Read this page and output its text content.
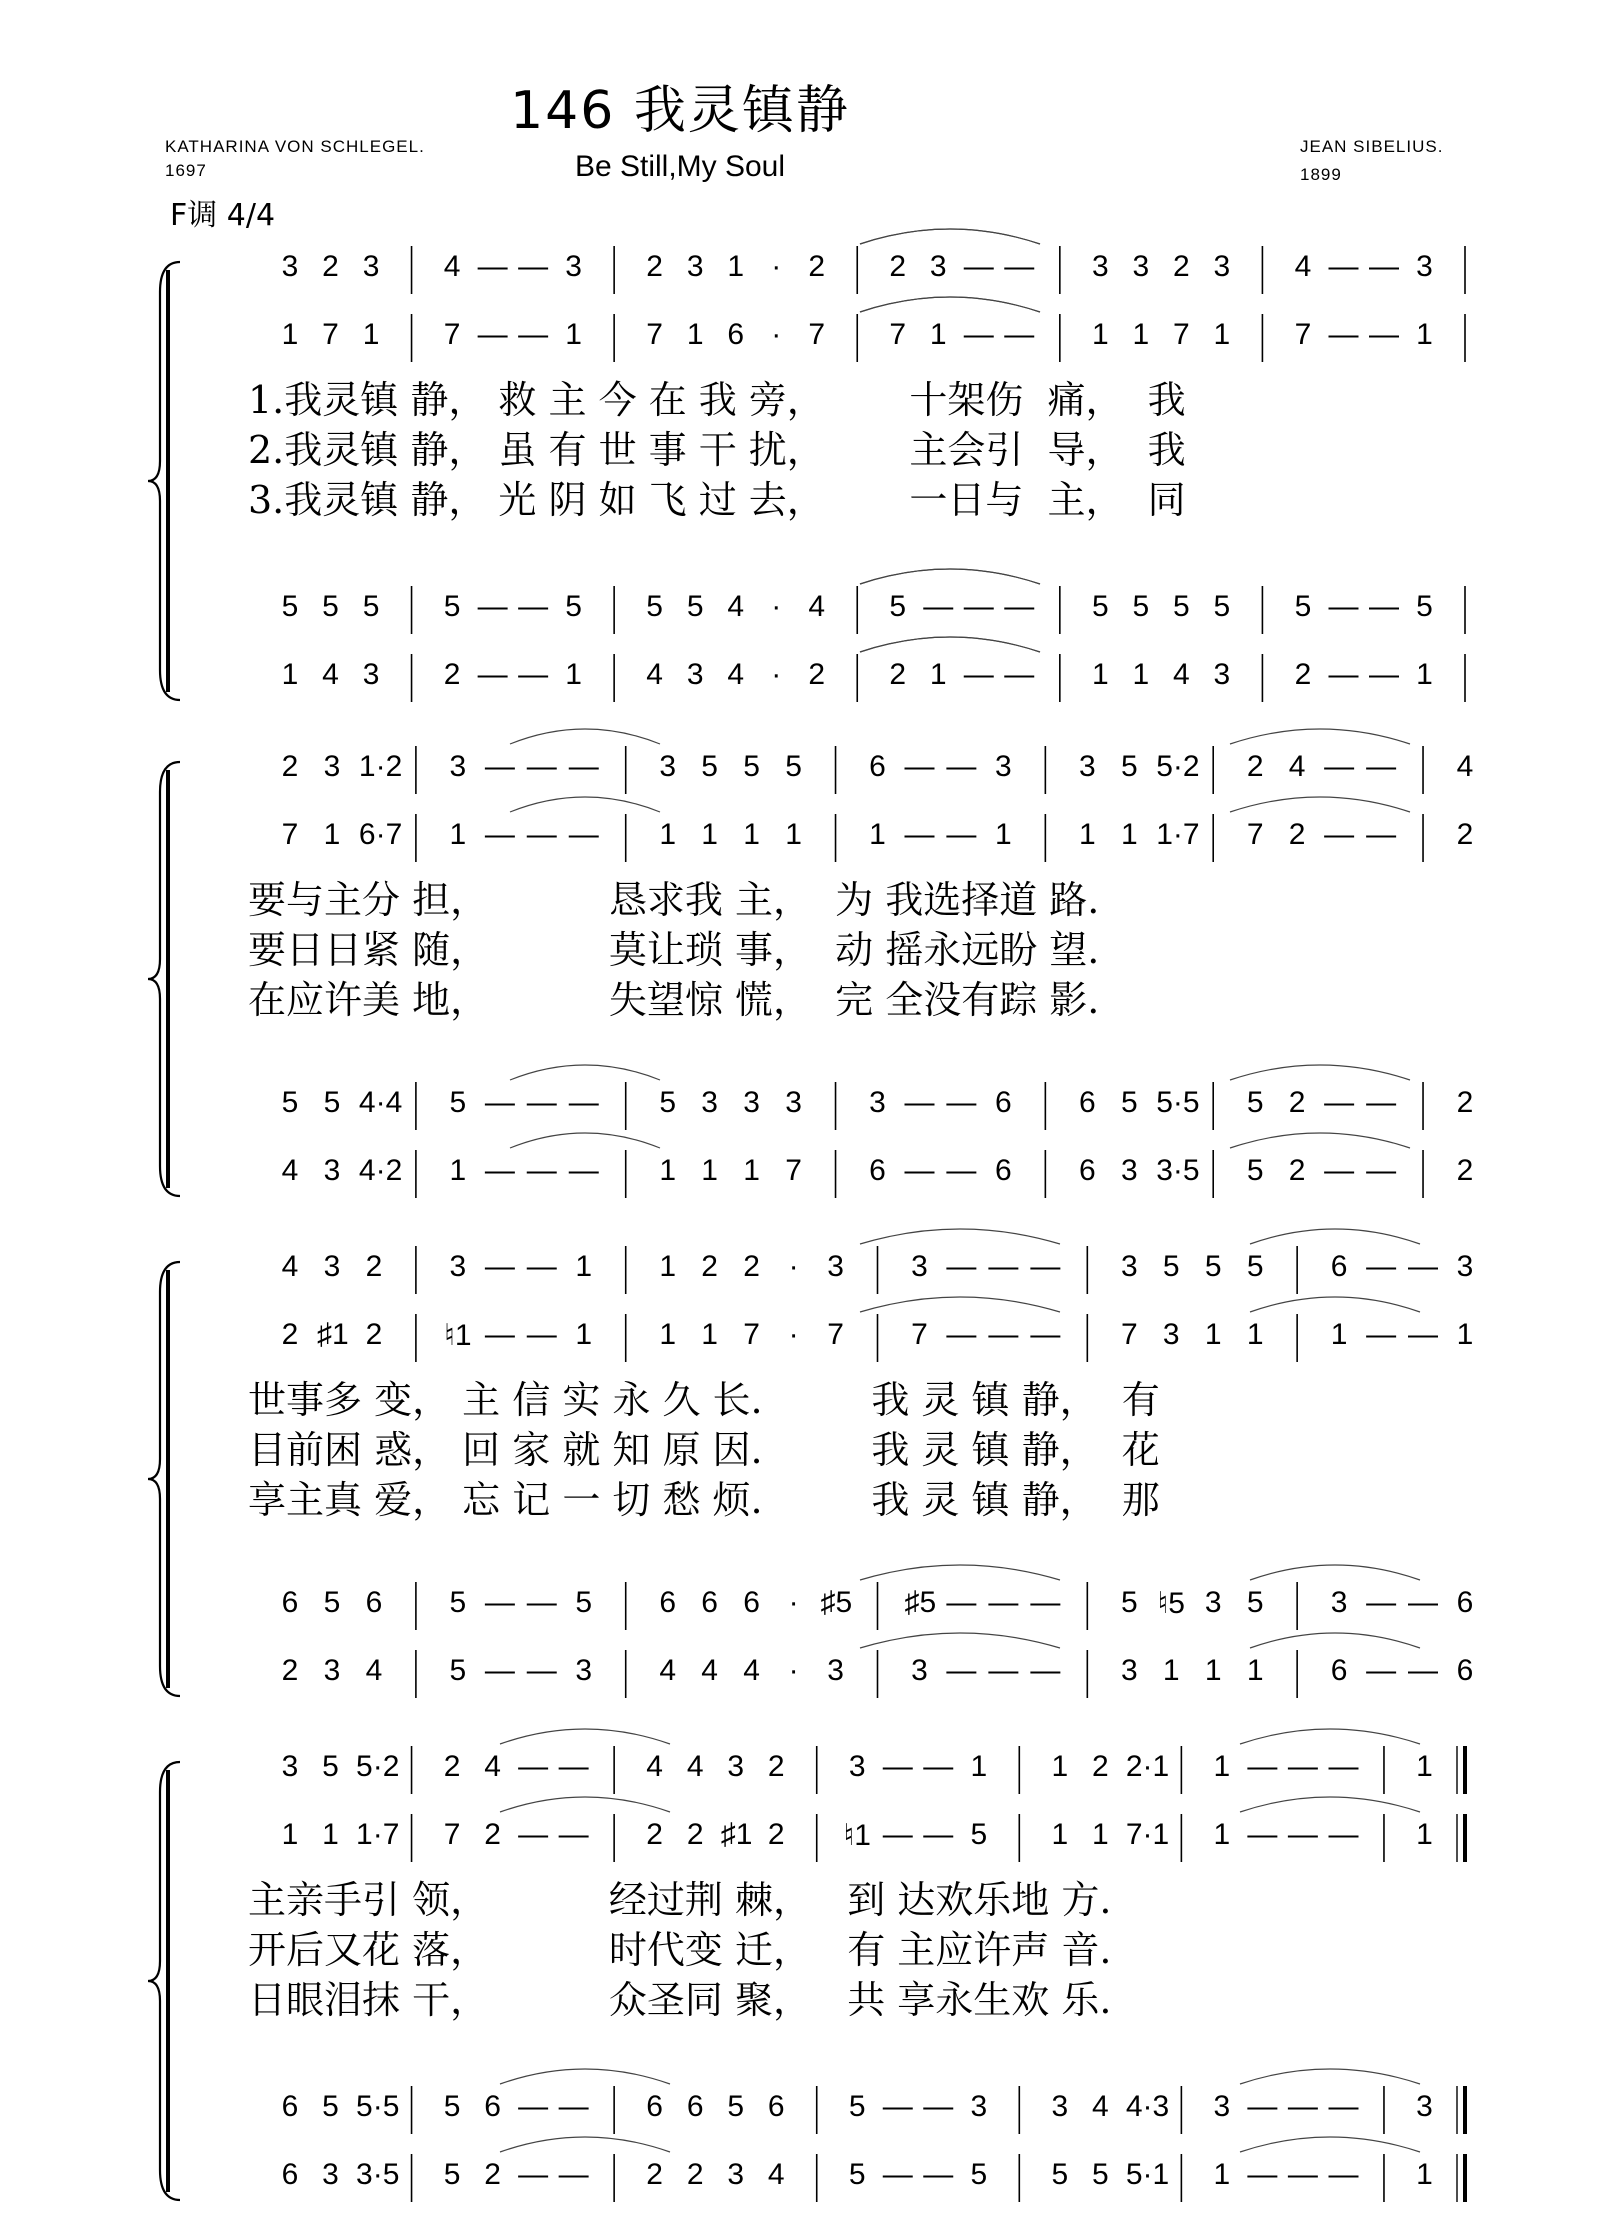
146 我灵镇静
Be Still,My Soul
KATHARINA VON SCHLEGEL.
1697
JEAN SIBELIUS.
1899
F调 4/4
3 2 3 4 — — 3 2 3 1 · 2 2 3 — — 3 3 2 3 4 — — 3
1 7 1 7 — — 1 7 1 6 · 7 7 1 — — 1 1 7 1 7 — — 1
1.我灵镇 静， 救 主 今 在 我 旁，       十架伤  痛，  我
2.我灵镇 静， 虽 有 世 事 干 扰，       主会引  导，  我
3.我灵镇 静， 光 阴 如 飞 过 去，       一日与  主，  同
5 5 5 5 — — 5 5 5 4 · 4 5 — — — 5 5 5 5 5 — — 5
1 4 3 2 — — 1 4 3 4 · 2 2 1 — — 1 1 4 3 2 — — 1
2 3 1·2 3 — — — 3 5 5 5 6 — — 3 3 5 5·2 2 4 — — 4
7 1 6·7 1 — — — 1 1 1 1 1 — — 1 1 1 1·7 7 2 — — 2
要与主分 担，          恳求我 主，  为 我选择道 路.
要日日紧 随，          莫让琐 事，  动 摇永远盼 望.
在应许美 地，          失望惊 慌，  完 全没有踪 影.
5 5 4·4 5 — — — 5 3 3 3 3 — — 6 6 5 5·5 5 2 — — 2
4 3 4·2 1 — — — 1 1 1 7 6 — — 6 6 3 3·5 5 2 — — 2
4 3 2 3 — — 1 1 2 2 · 3 3 — — — 3 5 5 5 6 — — 3
2 ♯1 2 ♮1 — — 1 1 1 7 · 7 7 — — — 7 3 1 1 1 — — 1
世事多 变， 主 信 实 永 久 长.         我 灵 镇 静，  有
目前困 惑， 回 家 就 知 原 因.         我 灵 镇 静，  花
享主真 爱， 忘 记 一 切 愁 烦.         我 灵 镇 静，  那
6 5 6 5 — — 5 6 6 6 · ♯5 ♯5 — — — 5 ♮5 3 5 3 — — 6
2 3 4 5 — — 3 4 4 4 · 3 3 — — — 3 1 1 1 6 — — 6
3 5 5·2 2 4 — — 4 4 3 2 3 — — 1 1 2 2·1 1 — — — 1
1 1 1·7 7 2 — — 2 2 ♯1 2 ♮1 — — 5 1 1 7·1 1 — — — 1
主亲手引 领，          经过荆 棘，   到 达欢乐地 方.
开后又花 落，          时代变 迁，   有 主应许声 音.
日眼泪抹 干，          众圣同 聚，   共 享永生欢 乐.
6 5 5·5 5 6 — — 6 6 5 6 5 — — 3 3 4 4·3 3 — — — 3
6 3 3·5 5 2 — — 2 2 3 4 5 — — 5 5 5 5·1 1 — — — 1
